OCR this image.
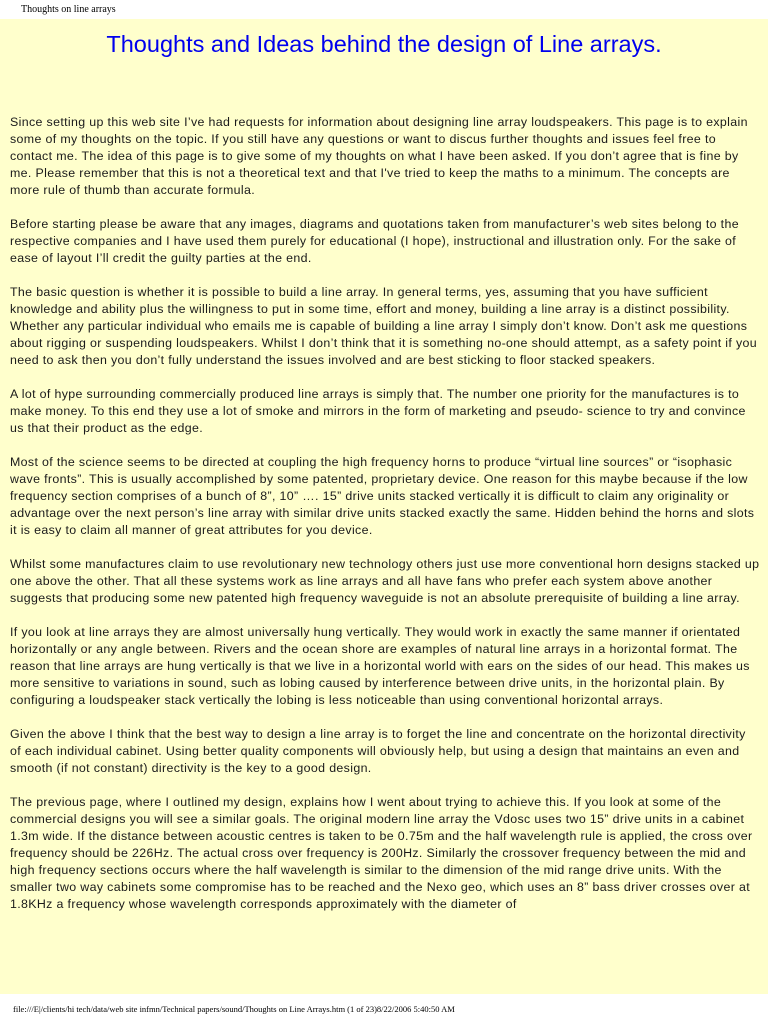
Thoughts on line arrays
Thoughts and Ideas behind the design of Line arrays.

Since setting up this web site I’ve had requests for information about designing line array loudspeakers. This page is to explain some of my thoughts on the topic. If you still have any questions or want to discus further thoughts and issues feel free to contact me. The idea of this page is to give some of my thoughts on what I have been asked. If you don’t agree that is fine by me. Please remember that this is not a theoretical text and that I've tried to keep the maths to a minimum. The concepts are more rule of thumb than accurate formula.

Before starting please be aware that any images, diagrams and quotations taken from manufacturer’s web sites belong to the respective companies and I have used them purely for educational (I hope), instructional and illustration only. For the sake of ease of layout I’ll credit the guilty parties at the end.

The basic question is whether it is possible to build a line array. In general terms, yes, assuming that you have sufficient knowledge and ability plus the willingness to put in some time, effort and money, building a line array is a distinct possibility. Whether any particular individual who emails me is capable of building a line array I simply don’t know. Don’t ask me questions about rigging or suspending loudspeakers. Whilst I don’t think that it is something no-one should attempt, as a safety point if you need to ask then you don’t fully understand the issues involved and are best sticking to floor stacked speakers.

A lot of hype surrounding commercially produced line arrays is simply that. The number one priority for the manufactures is to make money. To this end they use a lot of smoke and mirrors in the form of marketing and pseudo- science to try and convince us that their product as the edge.

Most of the science seems to be directed at coupling the high frequency horns to produce “virtual line sources” or “isophasic wave fronts”. This is usually accomplished by some patented, proprietary device. One reason for this maybe because if the low frequency section comprises of a bunch of 8”, 10” …. 15” drive units stacked vertically it is difficult to claim any originality or advantage over the next person’s line array with similar drive units stacked exactly the same. Hidden behind the horns and slots it is easy to claim all manner of great attributes for you device.

Whilst some manufactures claim to use revolutionary new technology others just use more conventional horn designs stacked up one above the other. That all these systems work as line arrays and all have fans who prefer each system above another suggests that producing some new patented high frequency waveguide is not an absolute prerequisite of building a line array.

If you look at line arrays they are almost universally hung vertically. They would work in exactly the same manner if orientated horizontally or any angle between. Rivers and the ocean shore are examples of natural line arrays in a horizontal format. The reason that line arrays are hung vertically is that we live in a horizontal world with ears on the sides of our head. This makes us more sensitive to variations in sound, such as lobing caused by interference between drive units, in the horizontal plain. By configuring a loudspeaker stack vertically the lobing is less noticeable than using conventional horizontal arrays.

Given the above I think that the best way to design a line array is to forget the line and concentrate on the horizontal directivity of each individual cabinet. Using better quality components will obviously help, but using a design that maintains an even and smooth (if not constant) directivity is the key to a good design.

The previous page, where I outlined my design, explains how I went about trying to achieve this. If you look at some of the commercial designs you will see a similar goals. The original modern line array the Vdosc uses two 15” drive units in a cabinet 1.3m wide. If the distance between acoustic centres is taken to be 0.75m and the half wavelength rule is applied, the cross over frequency should be 226Hz. The actual cross over frequency is 200Hz. Similarly the crossover frequency between the mid and high frequency sections occurs where the half wavelength is similar to the dimension of the mid range drive units. With the smaller two way cabinets some compromise has to be reached and the Nexo geo, which uses an 8” bass driver crosses over at 1.8KHz a frequency whose wavelength corresponds approximately with the diameter of

file:///E|/clients/hi tech/data/web site infmn/Technical papers/sound/Thoughts on Line Arrays.htm (1 of 23)8/22/2006 5:40:50 AM
